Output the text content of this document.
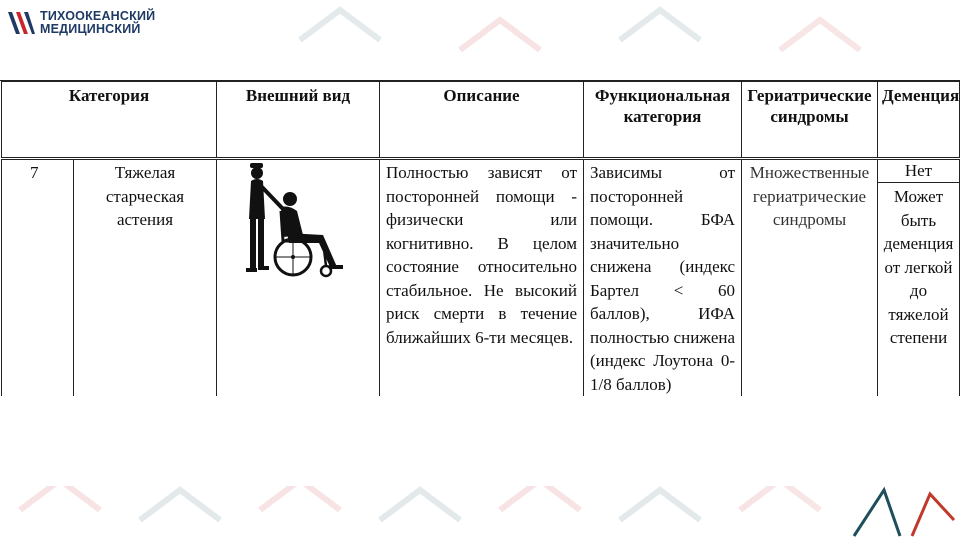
ТИХООКЕАНСКИЙ
МЕДИЦИНСКИЙ
Категория		Внешний вид	Описание	Функциональная категория	Гериатрические синдромы	Деменция

7	Тяжелая старческая астения		Полностью зависят от посторонней помощи - физически или когнитивно. В целом состояние относительно стабильное. Не высокий риск смерти в течение ближайших 6-ти месяцев.	Зависимы от посторонней помощи. БФА значительно снижена (индекс Бартел < 60 баллов), ИФА полностью снижена (индекс Лоутона 0-1/8 баллов)	Множественные гериатрические синдромы	Нет
Может быть деменция от легкой до тяжелой степени
